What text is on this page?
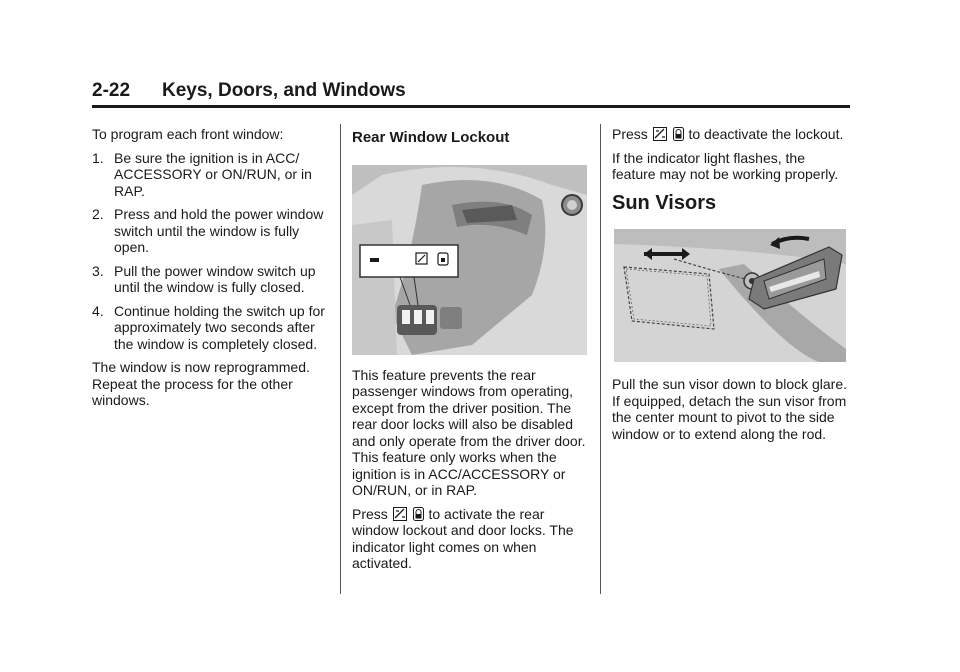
2-22 Keys, Doors, and Windows

To program each front window:

1. Be sure the ignition is in ACC/ ACCESSORY or ON/RUN, or in RAP.
2. Press and hold the power window switch until the window is fully open.
3. Pull the power window switch up until the window is fully closed.
4. Continue holding the switch up for approximately two seconds after the window is completely closed.

The window is now reprogrammed. Repeat the process for the other windows.

Rear Window Lockout

This feature prevents the rear passenger windows from operating, except from the driver position. The rear door locks will also be disabled and only operate from the driver door. This feature only works when the ignition is in ACC/ACCESSORY or ON/RUN, or in RAP.

Press	to activate the rear window lockout and door locks. The indicator light comes on when activated.

Press	to deactivate the lockout.

If the indicator light flashes, the feature may not be working properly.

Sun Visors

Pull the sun visor down to block glare. If equipped, detach the sun visor from the center mount to pivot to the side window or to extend along the rod.
